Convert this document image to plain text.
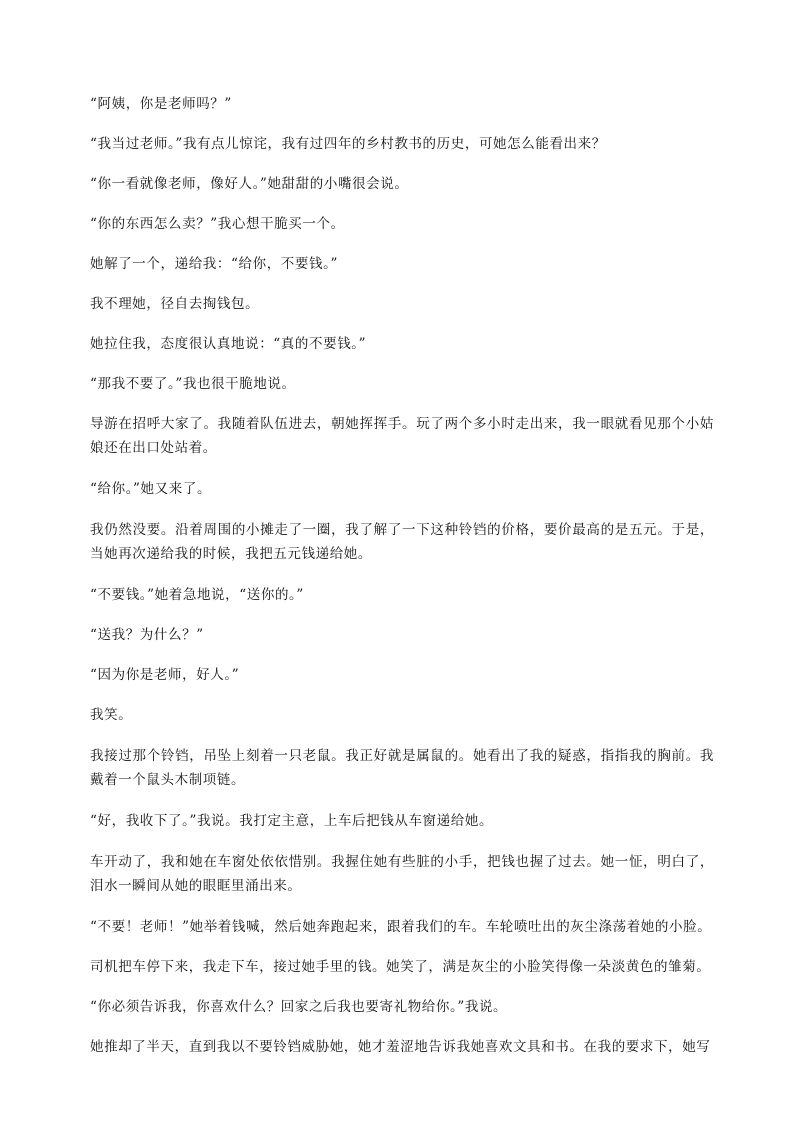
“阿姨，你是老师吗？”

“我当过老师。”我有点儿惊诧，我有过四年的乡村教书的历史，可她怎么能看出来？

“你一看就像老师，像好人。”她甜甜的小嘴很会说。

“你的东西怎么卖？”我心想干脆买一个。

她解了一个，递给我：“给你，不要钱。”

我不理她，径自去掏钱包。

她拉住我，态度很认真地说：“真的不要钱。”

“那我不要了。”我也很干脆地说。

导游在招呼大家了。我随着队伍进去，朝她挥挥手。玩了两个多小时走出来，我一眼就看见那个小姑娘还在出口处站着。

“给你。”她又来了。

我仍然没要。沿着周围的小摊走了一圈，我了解了一下这种铃铛的价格，要价最高的是五元。于是，当她再次递给我的时候，我把五元钱递给她。

“不要钱。”她着急地说，“送你的。”

“送我？为什么？”

“因为你是老师，好人。”

我笑。

我接过那个铃铛，吊坠上刻着一只老鼠。我正好就是属鼠的。她看出了我的疑惑，指指我的胸前。我戴着一个鼠头木制项链。

“好，我收下了。”我说。我打定主意，上车后把钱从车窗递给她。

车开动了，我和她在车窗处依依惜别。我握住她有些脏的小手，把钱也握了过去。她一怔，明白了，泪水一瞬间从她的眼眶里涌出来。

“不要！老师！”她举着钱喊，然后她奔跑起来，跟着我们的车。车轮喷吐出的灰尘涤荡着她的小脸。

司机把车停下来，我走下车，接过她手里的钱。她笑了，满是灰尘的小脸笑得像一朵淡黄色的雏菊。

“你必须告诉我，你喜欢什么？回家之后我也要寄礼物给你。”我说。

她推却了半天，直到我以不要铃铛威胁她，她才羞涩地告诉我她喜欢文具和书。在我的要求下，她写
